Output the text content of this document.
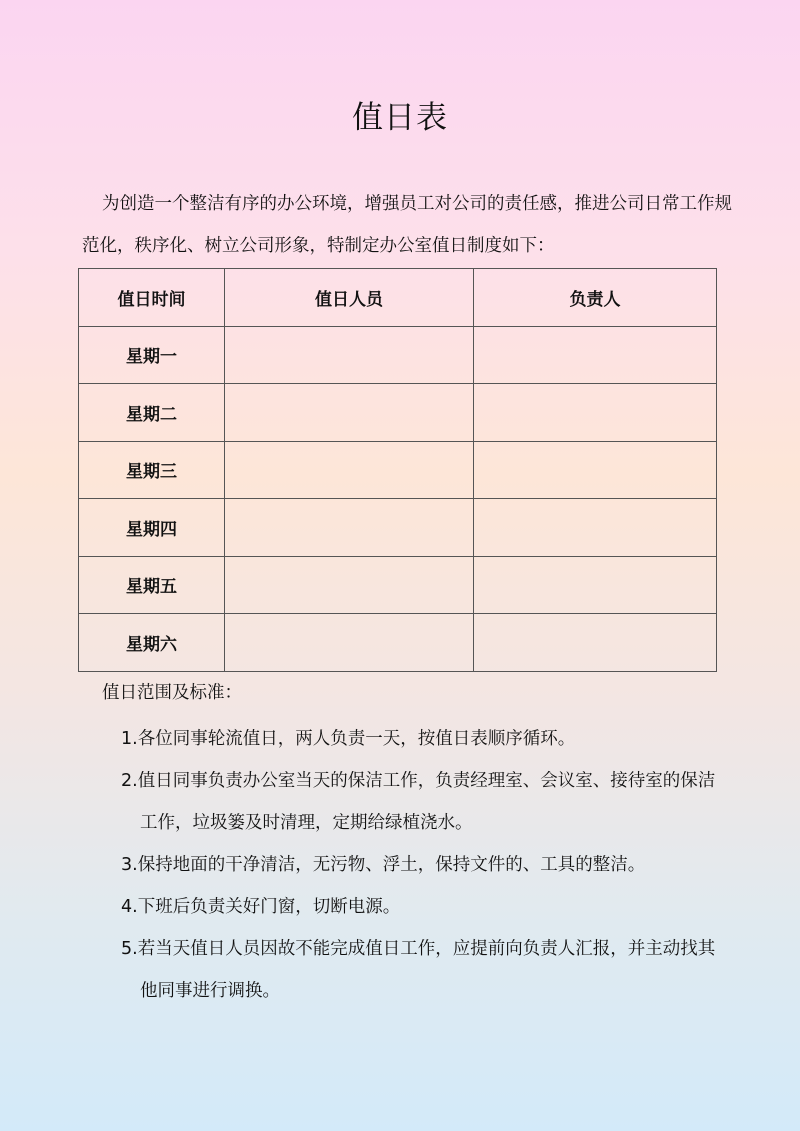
值日表

为创造一个整洁有序的办公环境，增强员工对公司的责任感，推进公司日常工作规范化，秩序化、树立公司形象，特制定办公室值日制度如下：

值日时间	值日人员	负责人
星期一		
星期二		
星期三		
星期四		
星期五		
星期六		
值日范围及标准：
1.各位同事轮流值日，两人负责一天，按值日表顺序循环。
2.值日同事负责办公室当天的保洁工作，负责经理室、会议室、接待室的保洁工作，垃圾篓及时清理，定期给绿植浇水。
3.保持地面的干净清洁，无污物、浮土，保持文件的、工具的整洁。
4.下班后负责关好门窗，切断电源。
5.若当天值日人员因故不能完成值日工作，应提前向负责人汇报，并主动找其他同事进行调换。
